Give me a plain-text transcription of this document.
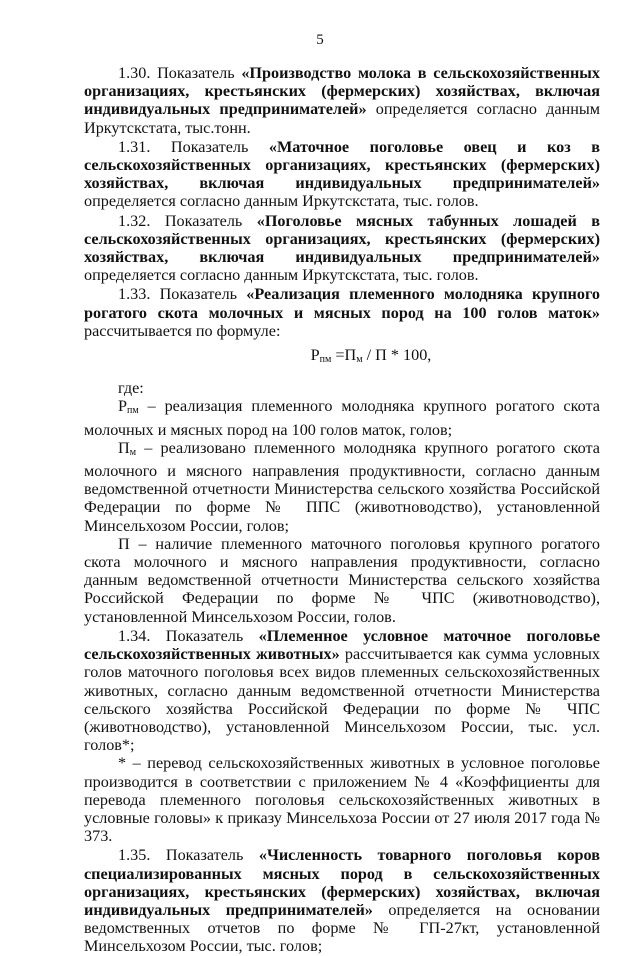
5

1.30. Показатель «Производство молока в сельскохозяйственных организациях, крестьянских (фермерских) хозяйствах, включая индивидуальных предпринимателей» определяется согласно данным Иркутскстата, тыс.тонн.

1.31. Показатель «Маточное поголовье овец и коз в сельскохозяйственных организациях, крестьянских (фермерских) хозяйствах, включая индивидуальных предпринимателей» определяется согласно данным Иркутскстата, тыс. голов.

1.32. Показатель «Поголовье мясных табунных лошадей в сельскохозяйственных организациях, крестьянских (фермерских) хозяйствах, включая индивидуальных предпринимателей» определяется согласно данным Иркутскстата, тыс. голов.

1.33. Показатель «Реализация племенного молодняка крупного рогатого скота молочных и мясных пород на 100 голов маток» рассчитывается по формуле:

$Р_{пм} =П_м / П * 100$,

где:

$Р_{пм}$ – реализация племенного молодняка крупного рогатого скота молочных и мясных пород на 100 голов маток, голов;

$П_м$ – реализовано племенного молодняка крупного рогатого скота молочного и мясного направления продуктивности, согласно данным ведомственной отчетности Министерства сельского хозяйства Российской Федерации по форме № ППС (животноводство), установленной Минсельхозом России, голов;

П – наличие племенного маточного поголовья крупного рогатого скота молочного и мясного направления продуктивности, согласно данным ведомственной отчетности Министерства сельского хозяйства Российской Федерации по форме № ЧПС (животноводство), установленной Минсельхозом России, голов.

1.34. Показатель «Племенное условное маточное поголовье сельскохозяйственных животных» рассчитывается как сумма условных голов маточного поголовья всех видов племенных сельскохозяйственных животных, согласно данным ведомственной отчетности Министерства сельского хозяйства Российской Федерации по форме № ЧПС (животноводство), установленной Минсельхозом России, тыс. усл. голов*;

* – перевод сельскохозяйственных животных в условное поголовье производится в соответствии с приложением № 4 «Коэффициенты для перевода племенного поголовья сельскохозяйственных животных в условные головы» к приказу Минсельхоза России от 27 июля 2017 года № 373.

1.35. Показатель «Численность товарного поголовья коров специализированных мясных пород в сельскохозяйственных организациях, крестьянских (фермерских) хозяйствах, включая индивидуальных предпринимателей» определяется на основании ведомственных отчетов по форме № ГП-27кт, установленной Минсельхозом России, тыс. голов;
